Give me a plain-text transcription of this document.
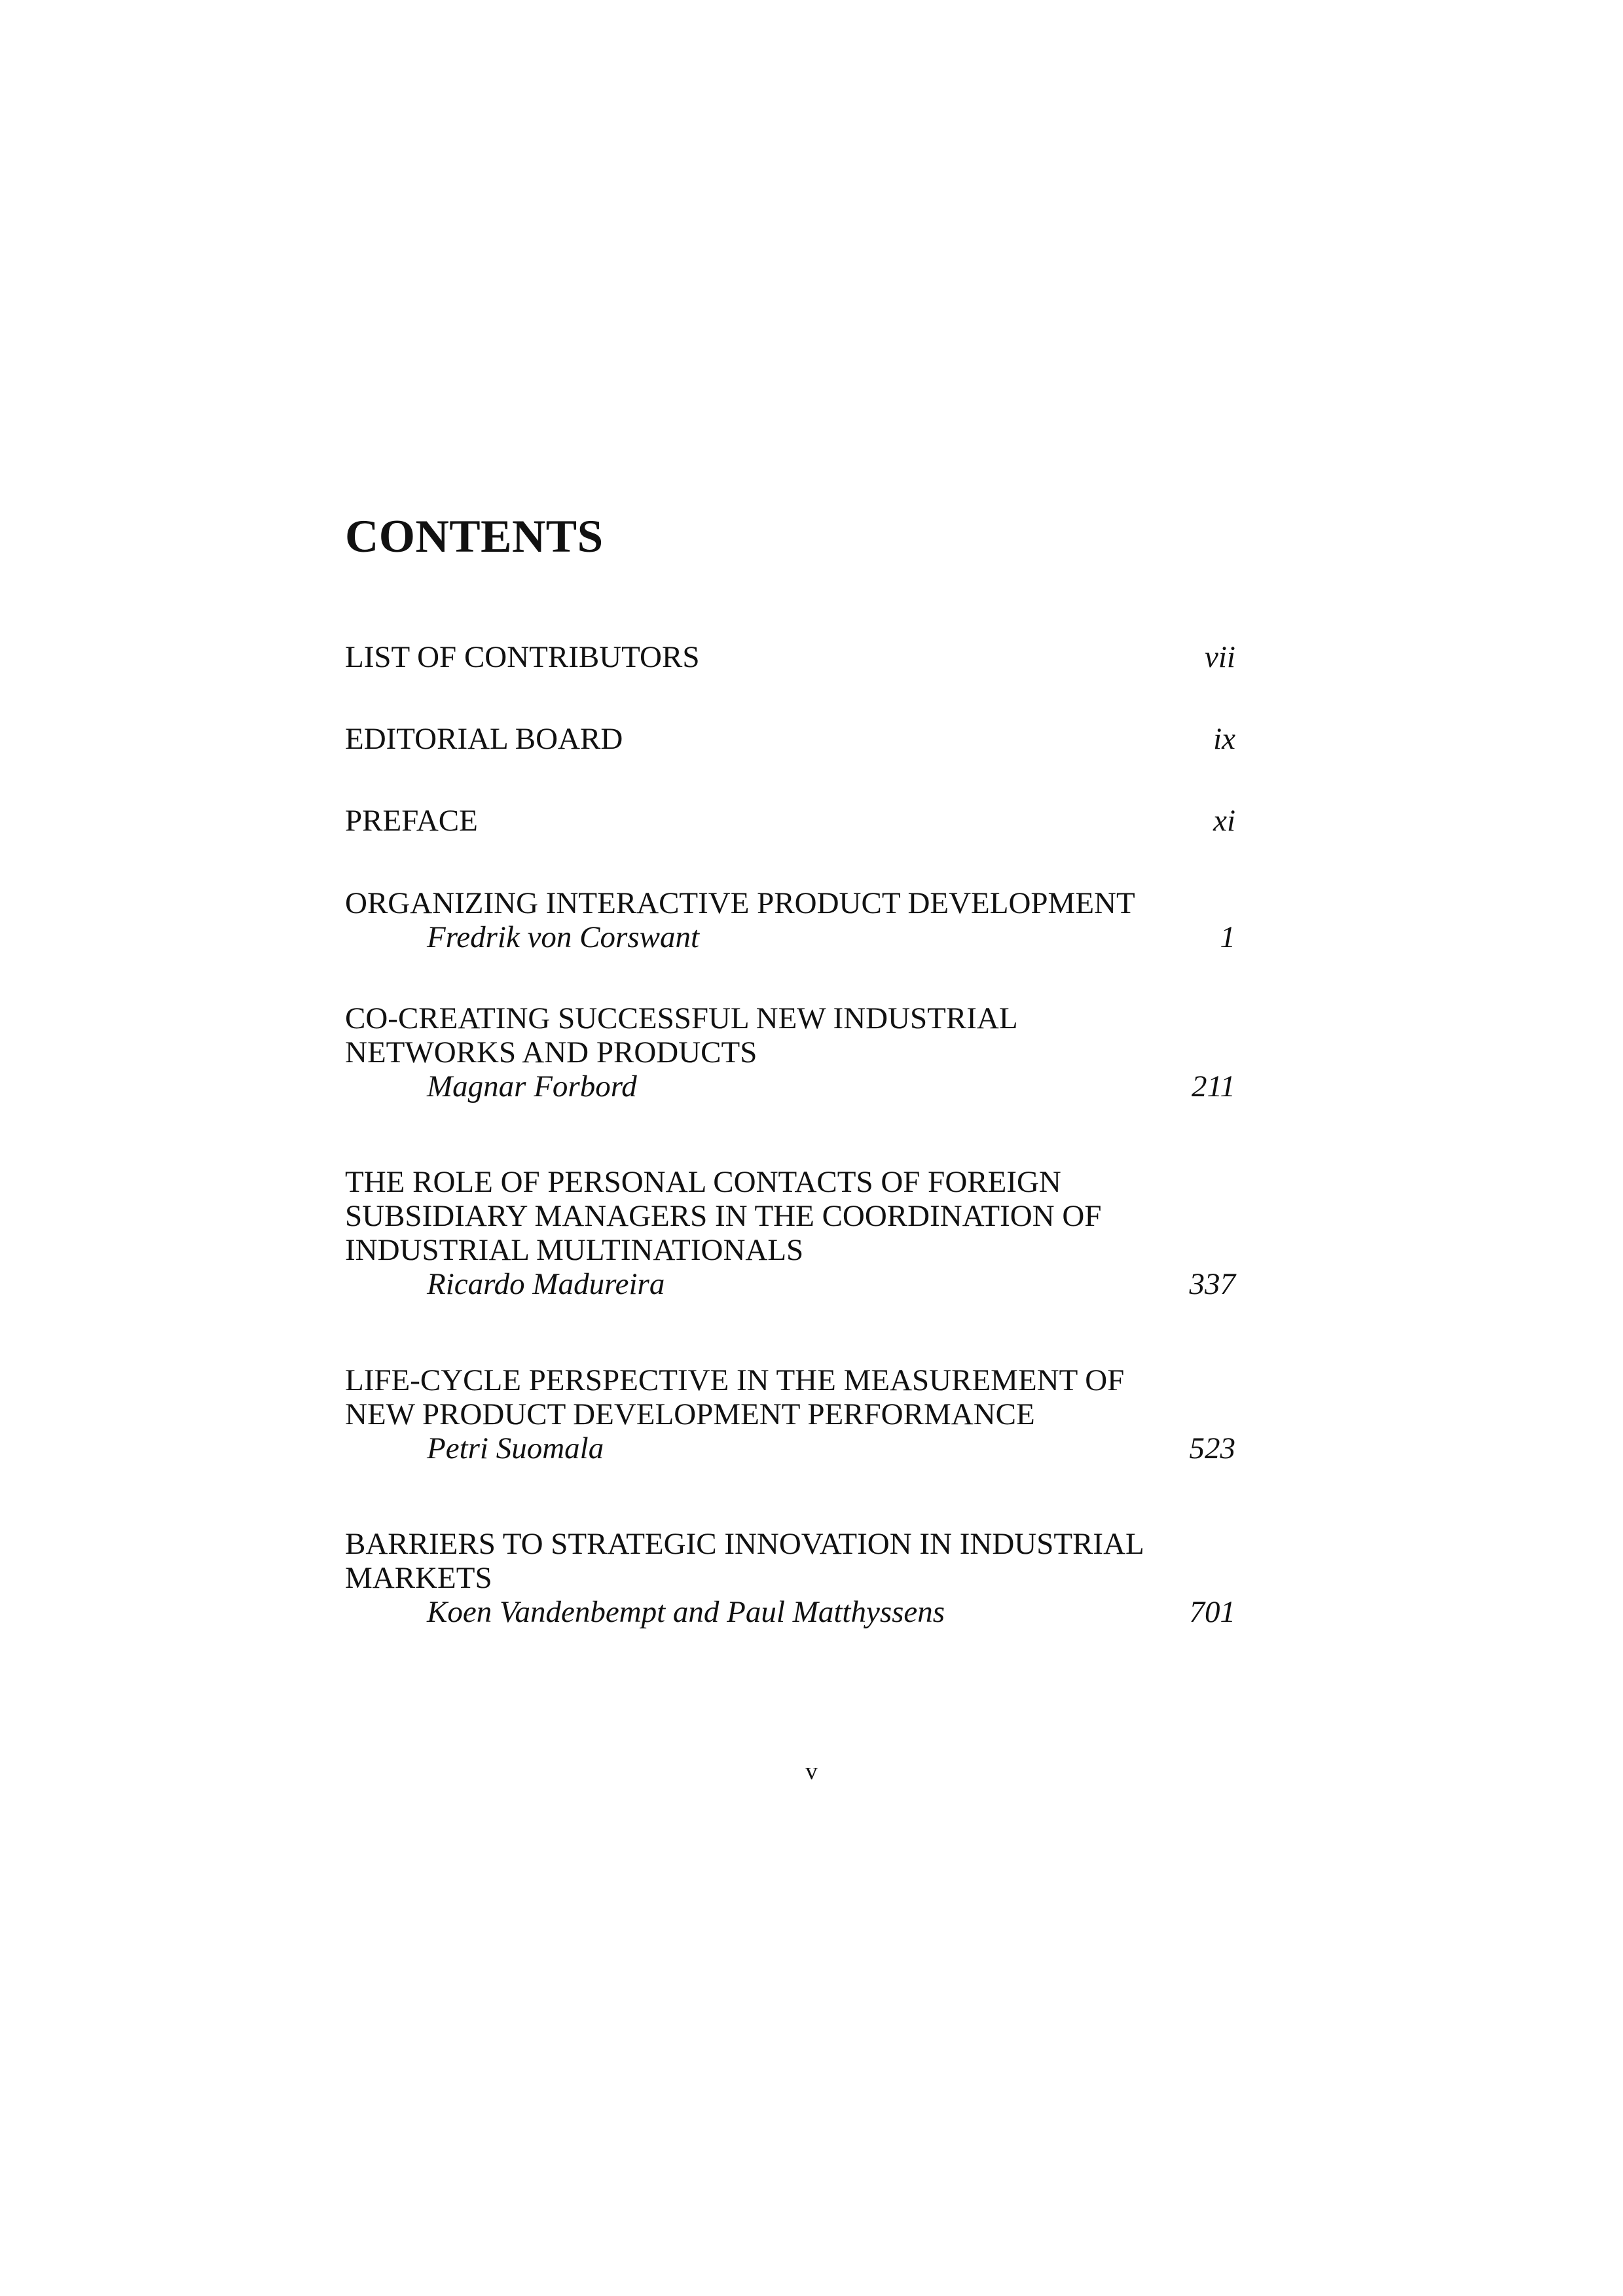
CONTENTS
LIST OF CONTRIBUTORS	vii
EDITORIAL BOARD	ix
PREFACE	xi
ORGANIZING INTERACTIVE PRODUCT DEVELOPMENT
Fredrik von Corswant	1
CO-CREATING SUCCESSFUL NEW INDUSTRIAL NETWORKS AND PRODUCTS
Magnar Forbord	211
THE ROLE OF PERSONAL CONTACTS OF FOREIGN SUBSIDIARY MANAGERS IN THE COORDINATION OF INDUSTRIAL MULTINATIONALS
Ricardo Madureira	337
LIFE-CYCLE PERSPECTIVE IN THE MEASUREMENT OF NEW PRODUCT DEVELOPMENT PERFORMANCE
Petri Suomala	523
BARRIERS TO STRATEGIC INNOVATION IN INDUSTRIAL MARKETS
Koen Vandenbempt and Paul Matthyssens	701
v
